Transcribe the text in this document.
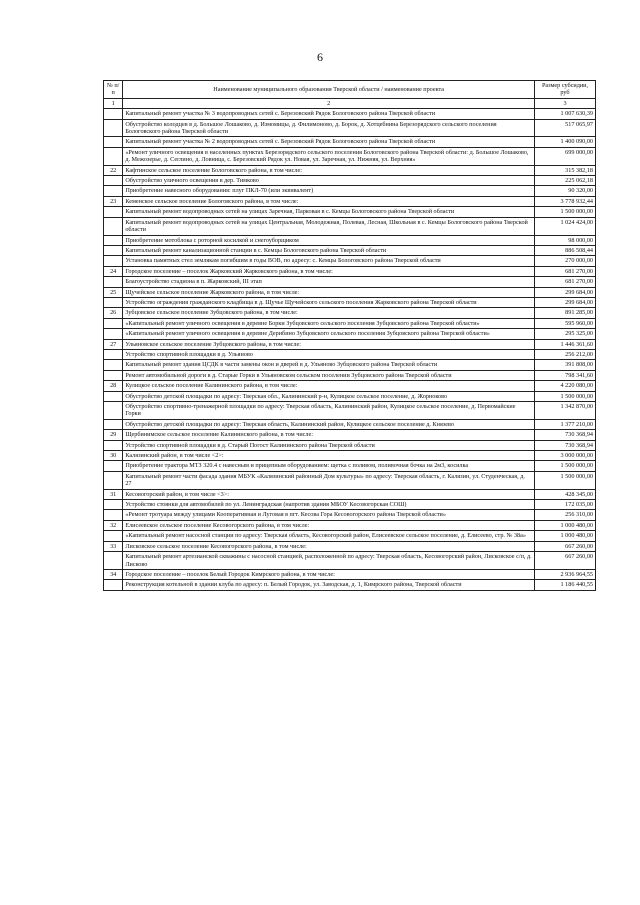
6
№ п/п	Наименование муниципального образования Тверской области / наименование проекта	Размер субсидии, руб
1	2	3
	Капитальный ремонт участка № 3 водопроводных сетей с. Березовский Рядок Бологовского района Тверской области	1 007 630,39
	Обустройство колодцев в д. Большое Лошаково, д. Измомицы, д. Филимоново, д. Борок, д. Хотцебнина Березорядского сельского поселения Бологовского района Тверской области	517 065,97
	Капитальный ремонт участка № 2 водопроводных сетей с. Березовский Рядок Бологовского района Тверской области	1 400 090,00
	«Ремонт уличного освещения в населенных пунктах Березорядского сельского поселения Бологовского района Тверской области: д. Большое Лошаково, д. Межозерье, д. Сеглино, д. Ловница, с. Березовский Рядок ул. Новая, ул. Заречная, ул. Нижняя, ул. Верхняя»	699 000,00
22	Кафтинское сельское поселение Бологовского района, в том числе:	315 382,18
	Обустройство уличного освещения в дер. Тимково	225 062,18
	Приобретение навесного оборудования: плуг ПКЛ-70 (или эквивалент)	90 320,00
23	Кеменское сельское поселение Бологовского района, в том числе:	3 778 932,44
	Капитальный ремонт водопроводных сетей на улицах Заречная, Парковая в с. Кемцы Бологовского района Тверской области	1 500 000,00
	Капитальный ремонт водопроводных сетей на улицах Центральная, Молодежная, Полевая, Лесная, Школьная в с. Кемцы Бологовского района Тверской области	1 024 424,00
	Приобретение мотоблока с роторной косилкой и снегоуборщиком	98 000,00
	Капитальный ремонт канализационной станции в с. Кемцы Бологовского района Тверской области	886 508,44
	Установка памятных стел землякам погибшим в годы ВОВ, по адресу: с. Кемцы Бологовского района Тверской области	270 000,00
24	Городское поселение – поселок Жарковский Жарковского района, в том числе:	681 270,00
	Благоустройство стадиона в п. Жарковский, III этап	681 270,00
25	Щучейское сельское поселение Жарковского района, в том числе:	299 684,00
	Устройство ограждения гражданского кладбища в д. Щучье Щучейского сельского поселения Жарковского района Тверской области	299 684,00
26	Зубцовское сельское поселение Зубцовского района, в том числе:	891 285,00
	«Капитальный ремонт уличного освещения в деревне Борки Зубцовского сельского поселения Зубцовского района Тверской области»	595 960,00
	«Капитальный ремонт уличного освещения в деревне Дерибино Зубцовского сельского поселения Зубцовского района Тверской области»	295 325,00
27	Ульяновское сельское поселение Зубцовского района, в том числе:	1 446 361,60
	Устройство спортивной площадки в д. Ульяново	256 212,00
	Капитальный ремонт здания ЦСДК в части замены окон и дверей в д. Ульяново Зубцовского района Тверской области	391 808,00
	Ремонт автомобильной дороги в д. Старые Горки в Ульяновском сельском поселении Зубцовского района Тверской области	798 341,60
28	Кулицкое сельское поселение Калининского района, в том числе:	4 220 080,00
	Обустройство детской площадки по адресу: Тверская обл., Калининский р-н, Кулицкое сельское поселение, д. Жорноково	1 500 000,00
	Обустройство спортивно-тренажерной площадки по адресу: Тверская область, Калининский район, Кулицкое сельское поселение, д. Первомайские Горки	1 342 870,00
	Обустройство детской площадки по адресу: Тверская область, Калининский район, Кулицкое сельское поселение д. Князево	1 377 210,00
29	Щербинимское сельское поселение Калининского района, в том числе:	730 368,94
	Устройство спортивной площадки в д. Старый Погост Калининского района Тверской области	730 368,94
30	Калязинский район, в том числе <2>:	3 000 000,00
	Приобретение трактора МТЗ 320.4 с навесным и прицепным оборудованием: щетка с поливом, поливочная бочка на 2м3, косилка	1 500 000,00
	Капитальный ремонт части фасада здания МБУК «Калязинский районный Дом культуры» по адресу: Тверская область, г. Калязин, ул. Студенческая, д. 27	1 500 000,00
31	Кесовогорский район, в том числе <3>:	428 345,00
	Устройство стоянки для автомобилей по ул. Ленинградская (напротив здания МБОУ Кесовогорская СОШ)	172 035,00
	«Ремонт тротуара между улицами Кооперативная и Луговая в пгт. Кесова Гора Кесовогорского района Тверской области»	256 310,00
32	Елисеевское сельское поселение Кесовогорского района, в том числе:	1 000 480,00
	«Капитальный ремонт насосной станции по адресу: Тверская область, Кесовогорский район, Елисеевское сельское поселение, д. Елисеево, стр. № 38а»	1 000 480,00
33	Лисковское сельское поселение Кесовогорского района, в том числе:	667 260,00
	Капитальный ремонт артезианской скважины с насосной станцией, расположенной по адресу: Тверская область, Кесовогорский район, Лисковское с/п, д. Лисково	667 260,00
34	Городское поселение – поселок Белый Городок Кимрского района, в том числе:	2 936 964,55
	Реконструкция котельной в здании клуба по адресу: п. Белый Городок, ул. Заводская, д. 1, Кимрского района, Тверской области	1 186 440,55
